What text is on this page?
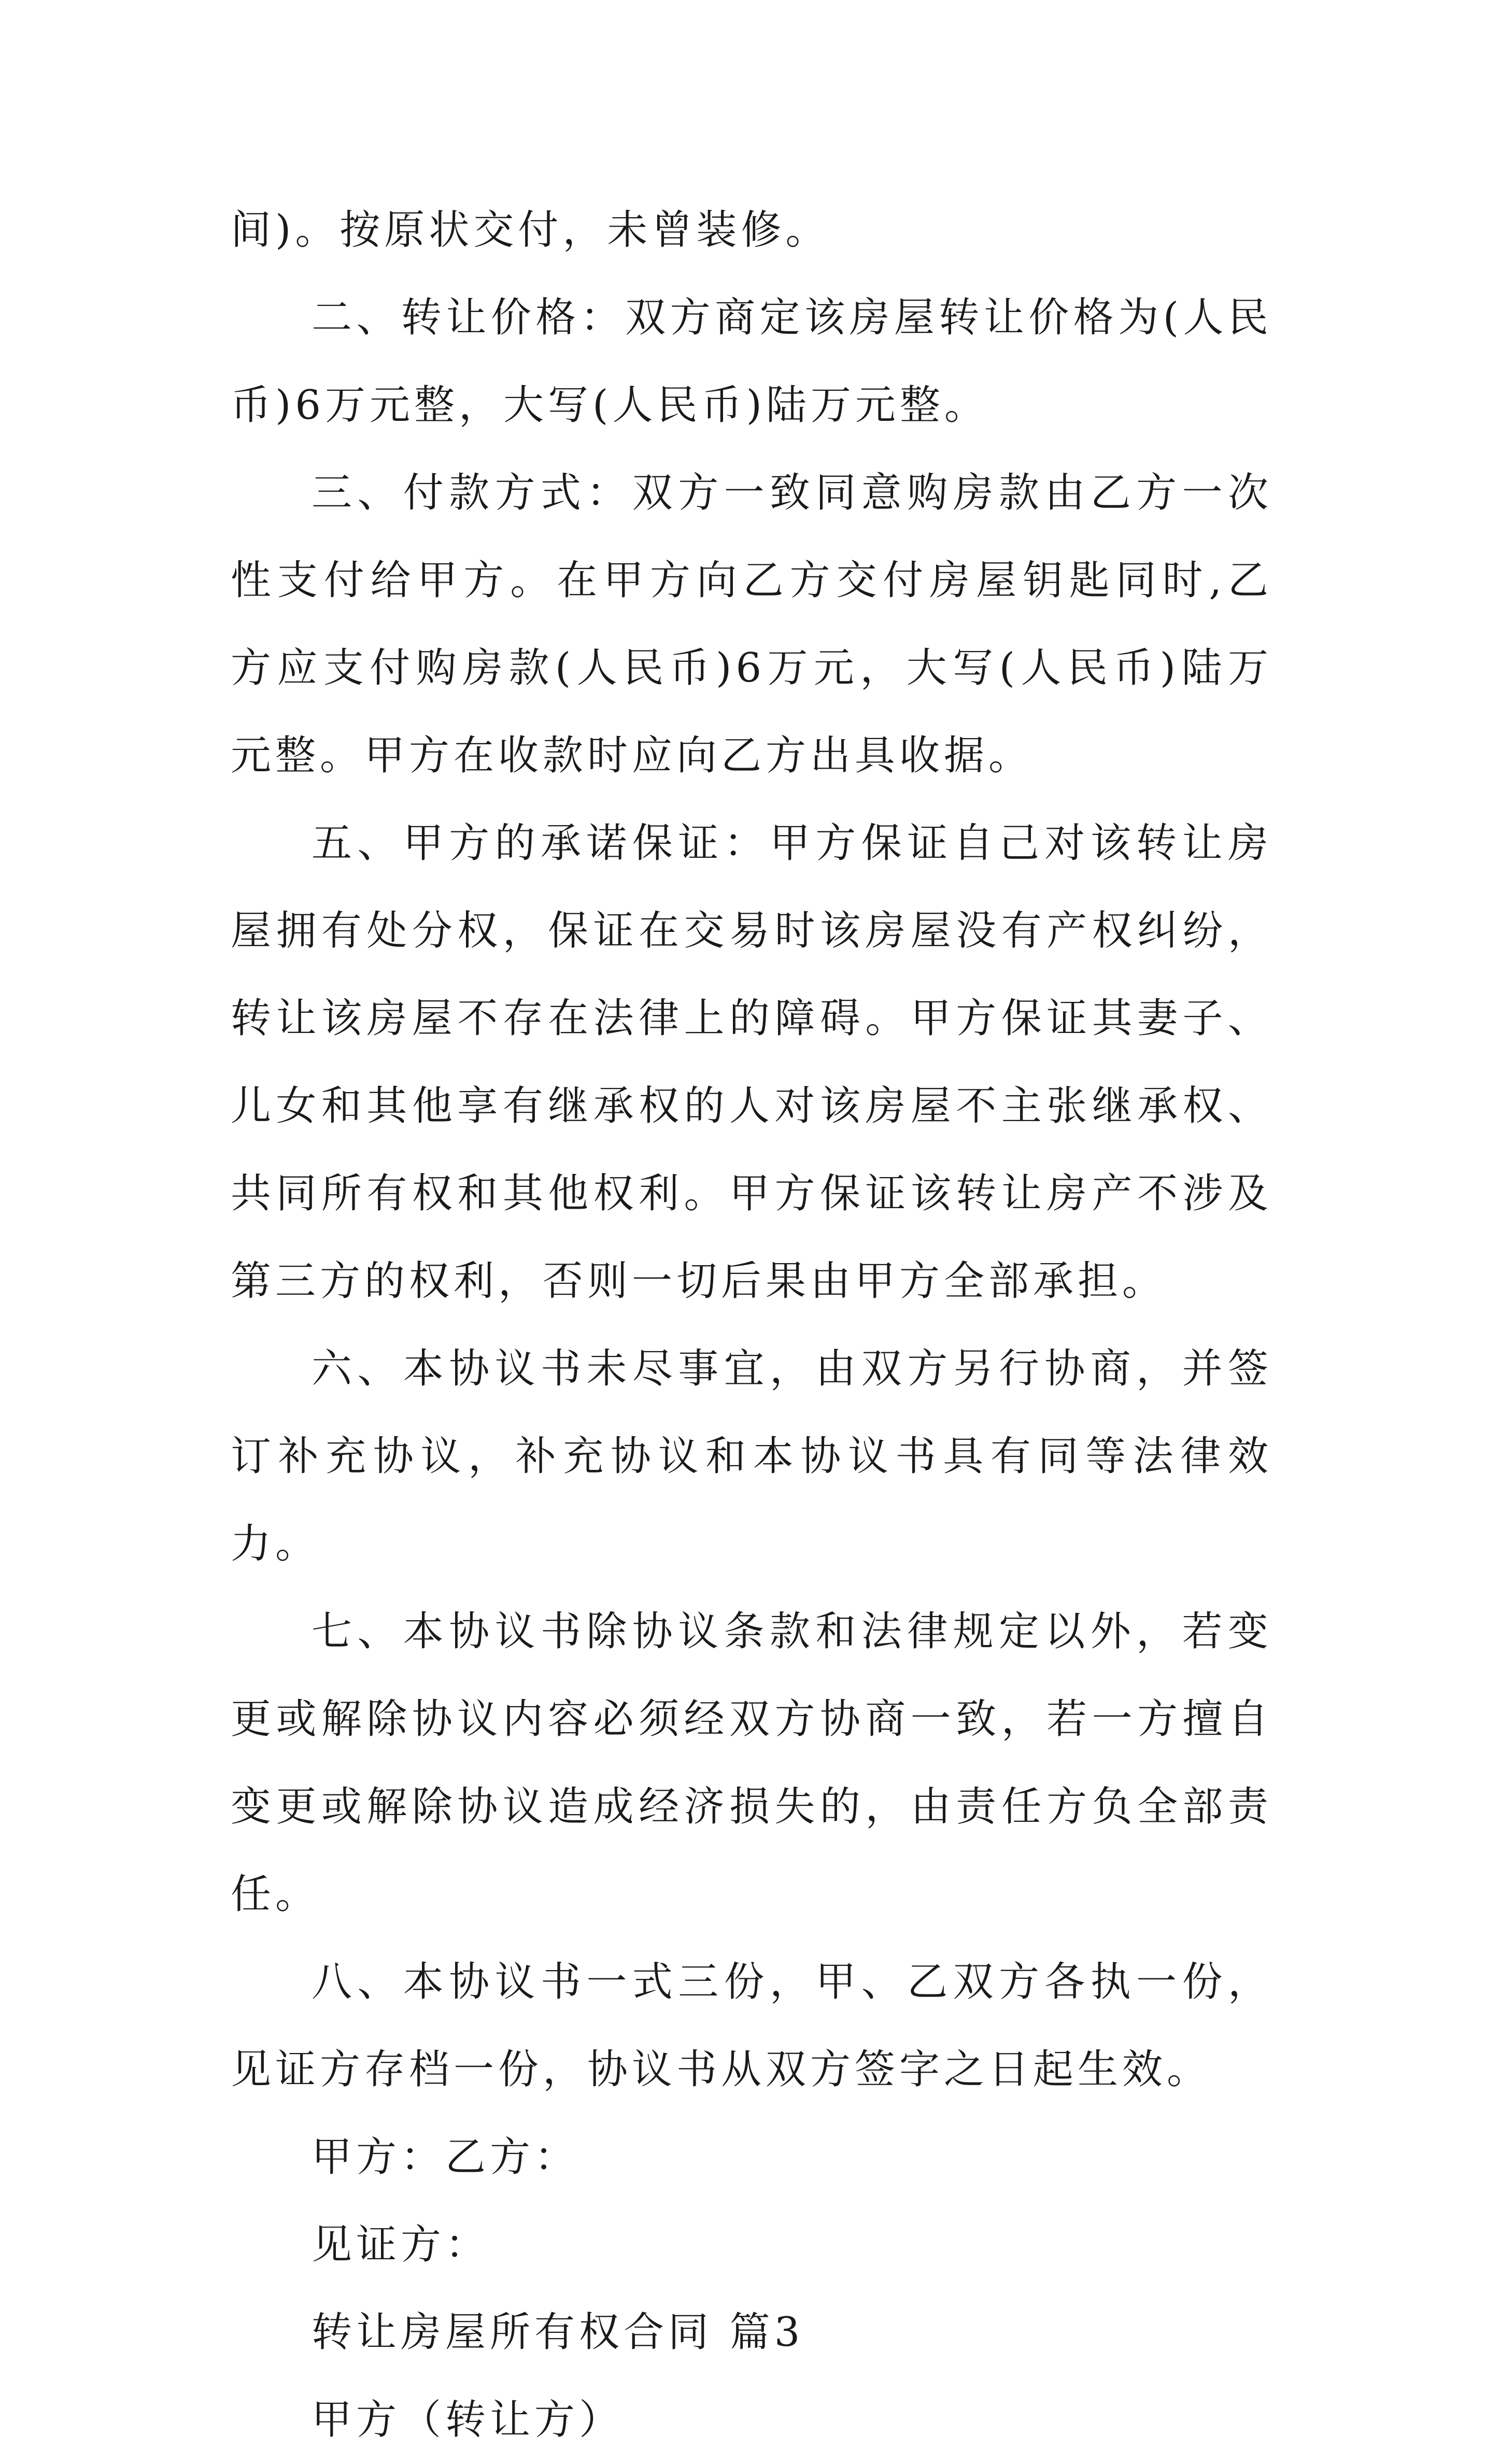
间)。按原状交付，未曾装修。

二、转让价格：双方商定该房屋转让价格为(人民币)6万元整，大写(人民币)陆万元整。

三、付款方式：双方一致同意购房款由乙方一次性支付给甲方。在甲方向乙方交付房屋钥匙同时,乙方应支付购房款(人民币)6万元，大写(人民币)陆万元整。甲方在收款时应向乙方出具收据。

五、甲方的承诺保证：甲方保证自己对该转让房屋拥有处分权，保证在交易时该房屋没有产权纠纷，转让该房屋不存在法律上的障碍。甲方保证其妻子、儿女和其他享有继承权的人对该房屋不主张继承权、共同所有权和其他权利。甲方保证该转让房产不涉及第三方的权利，否则一切后果由甲方全部承担。

六、本协议书未尽事宜，由双方另行协商，并签订补充协议，补充协议和本协议书具有同等法律效力。

七、本协议书除协议条款和法律规定以外，若变更或解除协议内容必须经双方协商一致，若一方擅自变更或解除协议造成经济损失的，由责任方负全部责任。

八、本协议书一式三份，甲、乙双方各执一份，见证方存档一份，协议书从双方签字之日起生效。

甲方：乙方：

见证方：

转让房屋所有权合同 篇3

甲方（转让方）
